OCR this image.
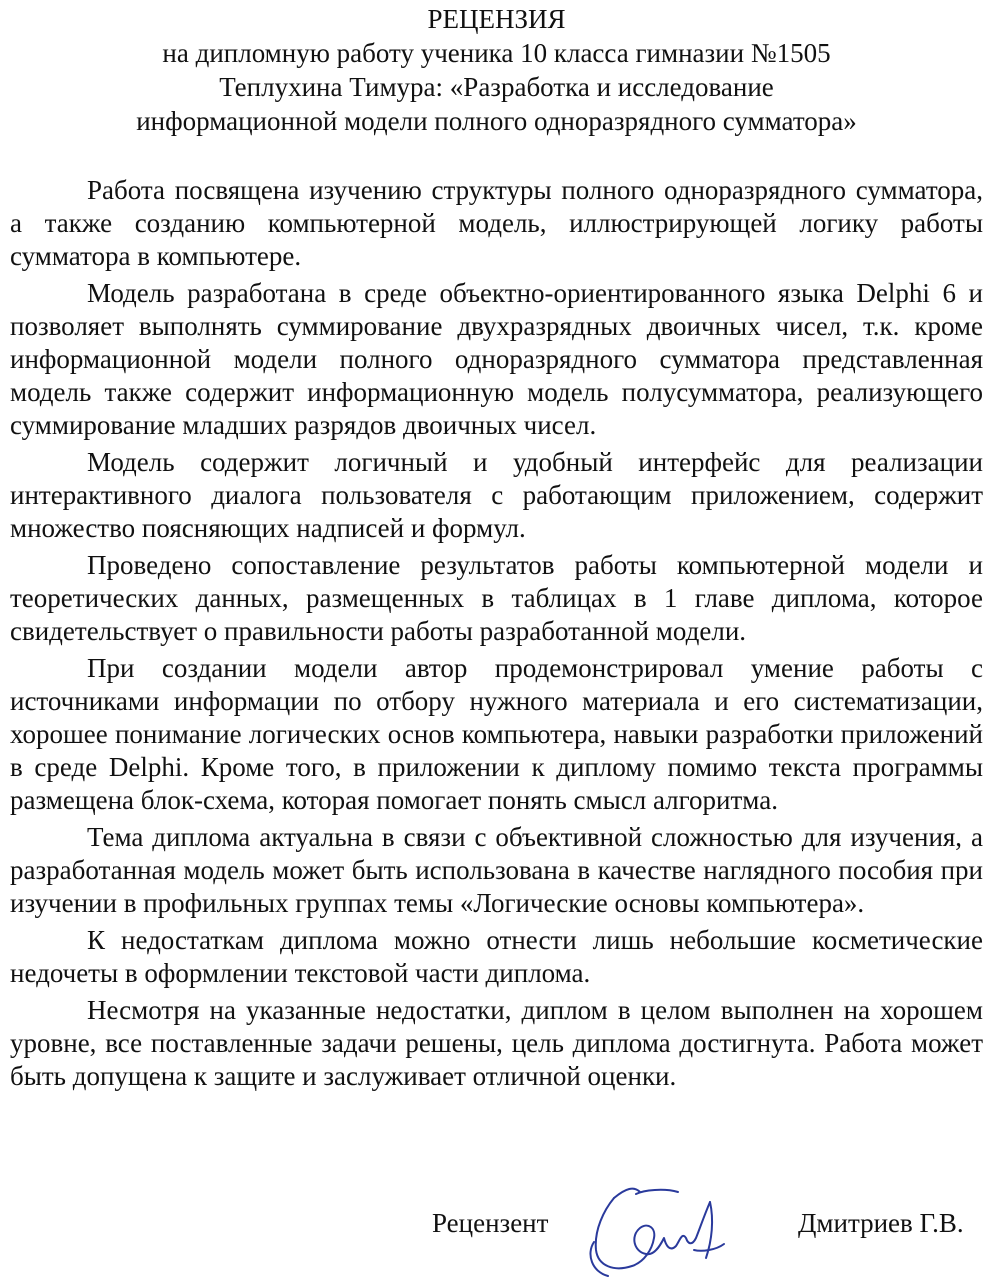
РЕЦЕНЗИЯ
на дипломную работу ученика 10 класса гимназии №1505
Теплухина Тимура: «Разработка и исследование
информационной модели полного одноразрядного сумматора»

Работа посвящена изучению структуры полного одноразрядного сумматора, а также созданию компьютерной модель, иллюстрирующей логику работы сумматора в компьютере.

Модель разработана в среде объектно-ориентированного языка Delphi 6 и позволяет выполнять суммирование двухразрядных двоичных чисел, т.к. кроме информационной модели полного одноразрядного сумматора представленная модель также содержит информационную модель полусумматора, реализующего суммирование младших разрядов двоичных чисел.

Модель содержит логичный и удобный интерфейс для реализации интерактивного диалога пользователя с работающим приложением, содержит множество поясняющих надписей и формул.

Проведено сопоставление результатов работы компьютерной модели и теоретических данных, размещенных в таблицах в 1 главе диплома, которое свидетельствует о правильности работы разработанной модели.

При создании модели автор продемонстрировал умение работы с источниками информации по отбору нужного материала и его систематизации, хорошее понимание логических основ компьютера, навыки разработки приложений в среде Delphi. Кроме того, в приложении к диплому помимо текста программы размещена блок-схема, которая помогает понять смысл алгоритма.

Тема диплома актуальна в связи с объективной сложностью для изучения, а разработанная модель может быть использована в качестве наглядного пособия при изучении в профильных группах темы «Логические основы компьютера».

К недостаткам диплома можно отнести лишь небольшие косметические недочеты в оформлении текстовой части диплома.

Несмотря на указанные недостатки, диплом в целом выполнен на хорошем уровне, все поставленные задачи решены, цель диплома достигнута. Работа может быть допущена к защите и заслуживает отличной оценки.

Рецензент	Дмитриев Г.В.
